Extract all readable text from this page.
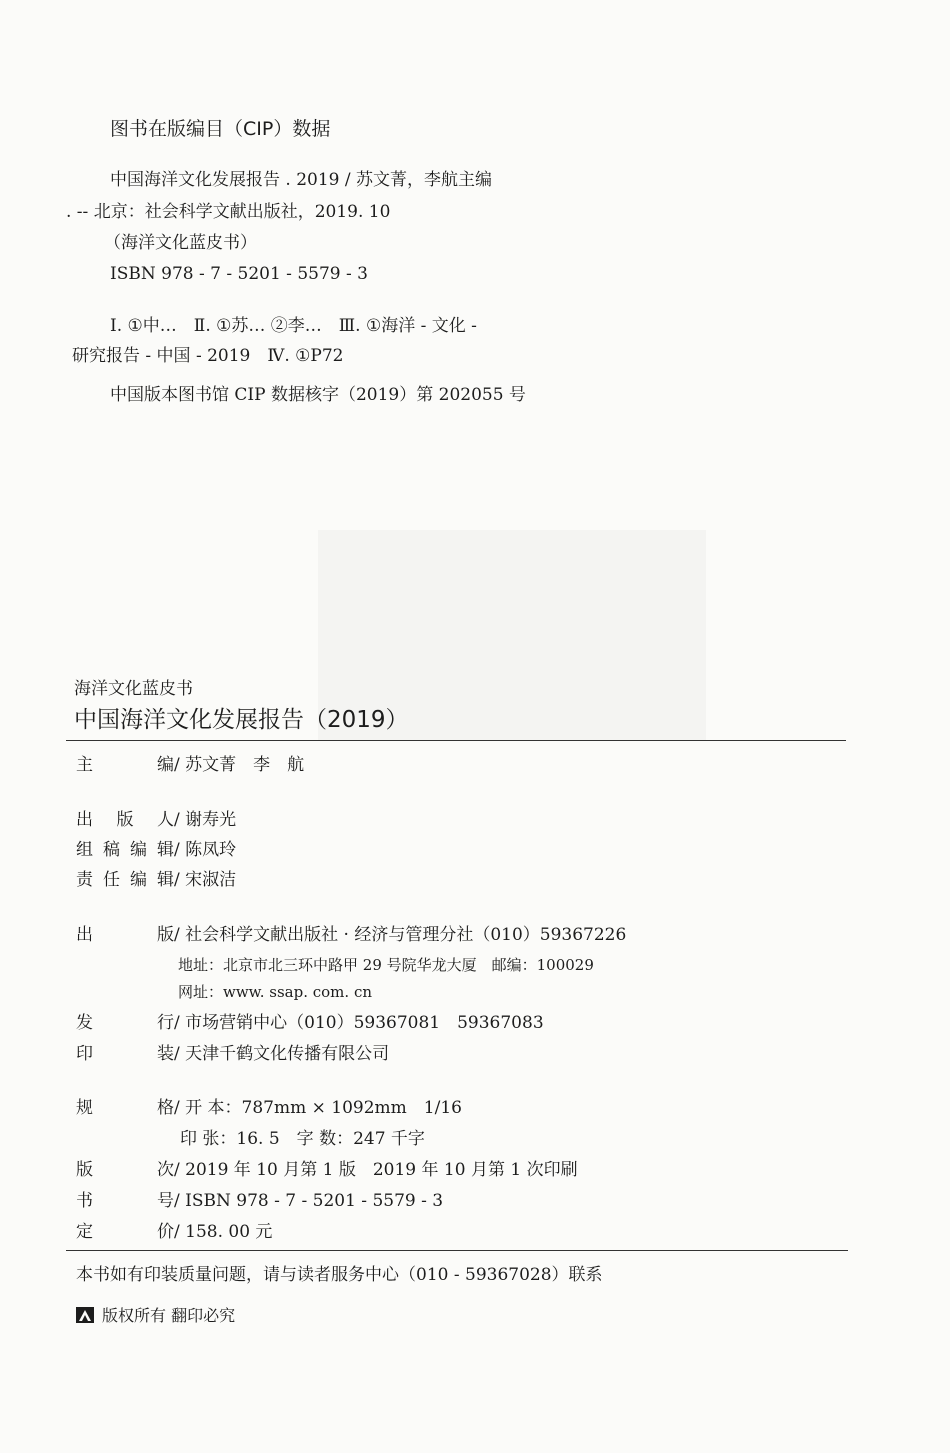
图书在版编目（CIP）数据
中国海洋文化发展报告 . 2019 / 苏文菁，李航主编
. -- 北京：社会科学文献出版社，2019. 10
（海洋文化蓝皮书）
ISBN 978 - 7 - 5201 - 5579 - 3
Ⅰ. ①中…　Ⅱ. ①苏… ②李…　Ⅲ. ①海洋 - 文化 -
研究报告 - 中国 - 2019　Ⅳ. ①P72
中国版本图书馆 CIP 数据核字（2019）第 202055 号
海洋文化蓝皮书
中国海洋文化发展报告（2019）
主　　编/ 苏文菁　李　航
出 版 人/ 谢寿光
组稿编辑/ 陈凤玲
责任编辑/ 宋淑洁
出　　版/ 社会科学文献出版社 · 经济与管理分社（010）59367226
地址：北京市北三环中路甲 29 号院华龙大厦　邮编：100029
网址：www. ssap. com. cn
发　　行/ 市场营销中心（010）59367081　59367083
印　　装/ 天津千鹤文化传播有限公司
规　　格/ 开 本：787mm × 1092mm　1/16
印 张：16. 5　字 数：247 千字
版　　次/ 2019 年 10 月第 1 版　2019 年 10 月第 1 次印刷
书　　号/ ISBN 978 - 7 - 5201 - 5579 - 3
定　　价/ 158. 00 元
本书如有印装质量问题，请与读者服务中心（010 - 59367028）联系
版权所有 翻印必究
